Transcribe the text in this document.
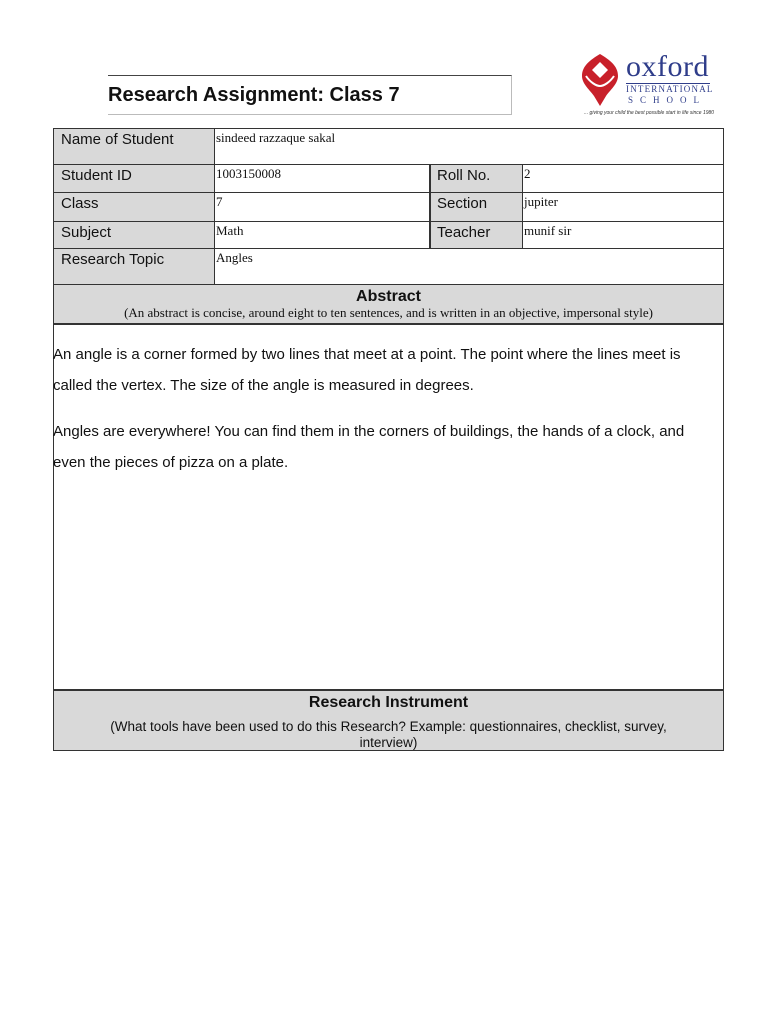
Research Assignment: Class 7
oxford
INTERNATIONAL
SCHOOL
... giving your child the best possible start in life since 1980
Name of Student	sindeed razzaque sakal
Student ID	1003150008	Roll No.	2
Class	7	Section	jupiter
Subject	Math	Teacher	munif sir
Research Topic	Angles
Abstract
(An abstract is concise, around eight to ten sentences, and is written in an objective, impersonal style)

An angle is a corner formed by two lines that meet at a point. The point where the lines meet is called the vertex. The size of the angle is measured in degrees.

Angles are everywhere! You can find them in the corners of buildings, the hands of a clock, and even the pieces of pizza on a plate.

Research Instrument
(What tools have been used to do this Research? Example: questionnaires, checklist, survey, interview)
